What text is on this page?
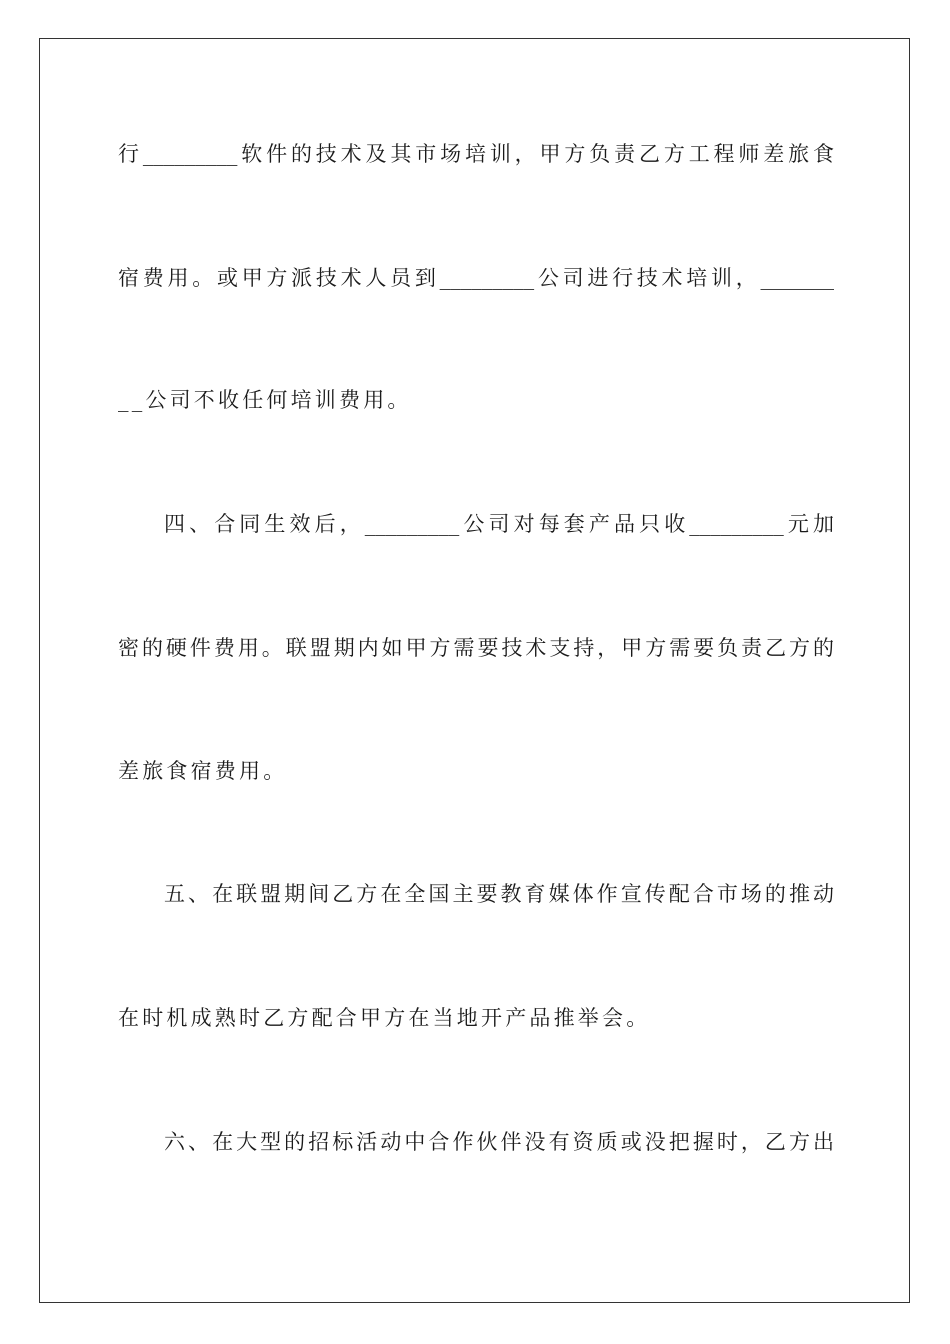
行_________软件的技术及其市场培训，甲方负责乙方工程师差旅食
宿费用。或甲方派技术人员到_________公司进行技术培训，_______
__公司不收任何培训费用。
四、合同生效后，_________公司对每套产品只收_________元加
密的硬件费用。联盟期内如甲方需要技术支持，甲方需要负责乙方的
差旅食宿费用。
五、在联盟期间乙方在全国主要教育媒体作宣传配合市场的推动
在时机成熟时乙方配合甲方在当地开产品推举会。
六、在大型的招标活动中合作伙伴没有资质或没把握时，乙方出
